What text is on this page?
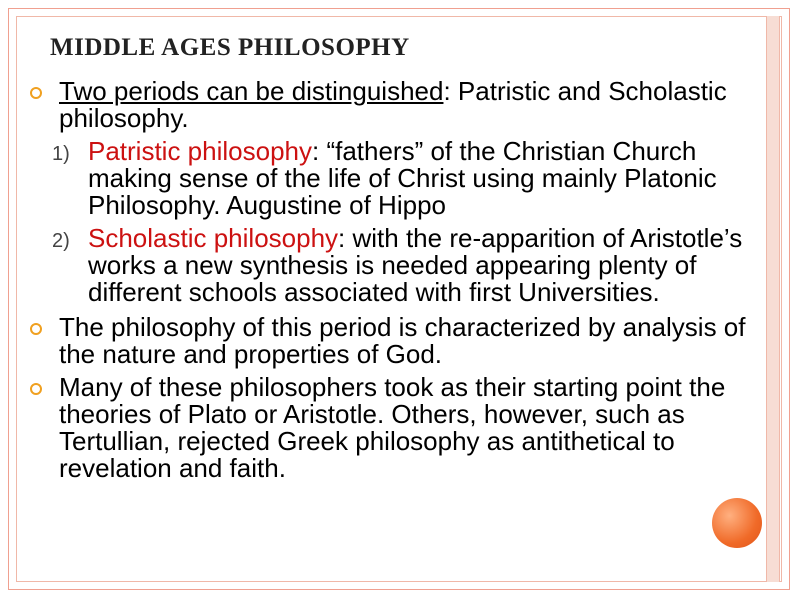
MIDDLE AGES PHILOSOPHY
Two periods can be distinguished: Patristic and Scholastic philosophy.
1) Patristic philosophy: “fathers” of the Christian Church making sense of the life of Christ using mainly Platonic Philosophy. Augustine of Hippo
2) Scholastic philosophy: with the re-apparition of Aristotle’s works a new synthesis is needed appearing plenty of different schools associated with first Universities.
The philosophy of this period is characterized by analysis of the nature and properties of God.
Many of these philosophers took as their starting point the theories of Plato or Aristotle. Others, however, such as Tertullian, rejected Greek philosophy as antithetical to revelation and faith.
